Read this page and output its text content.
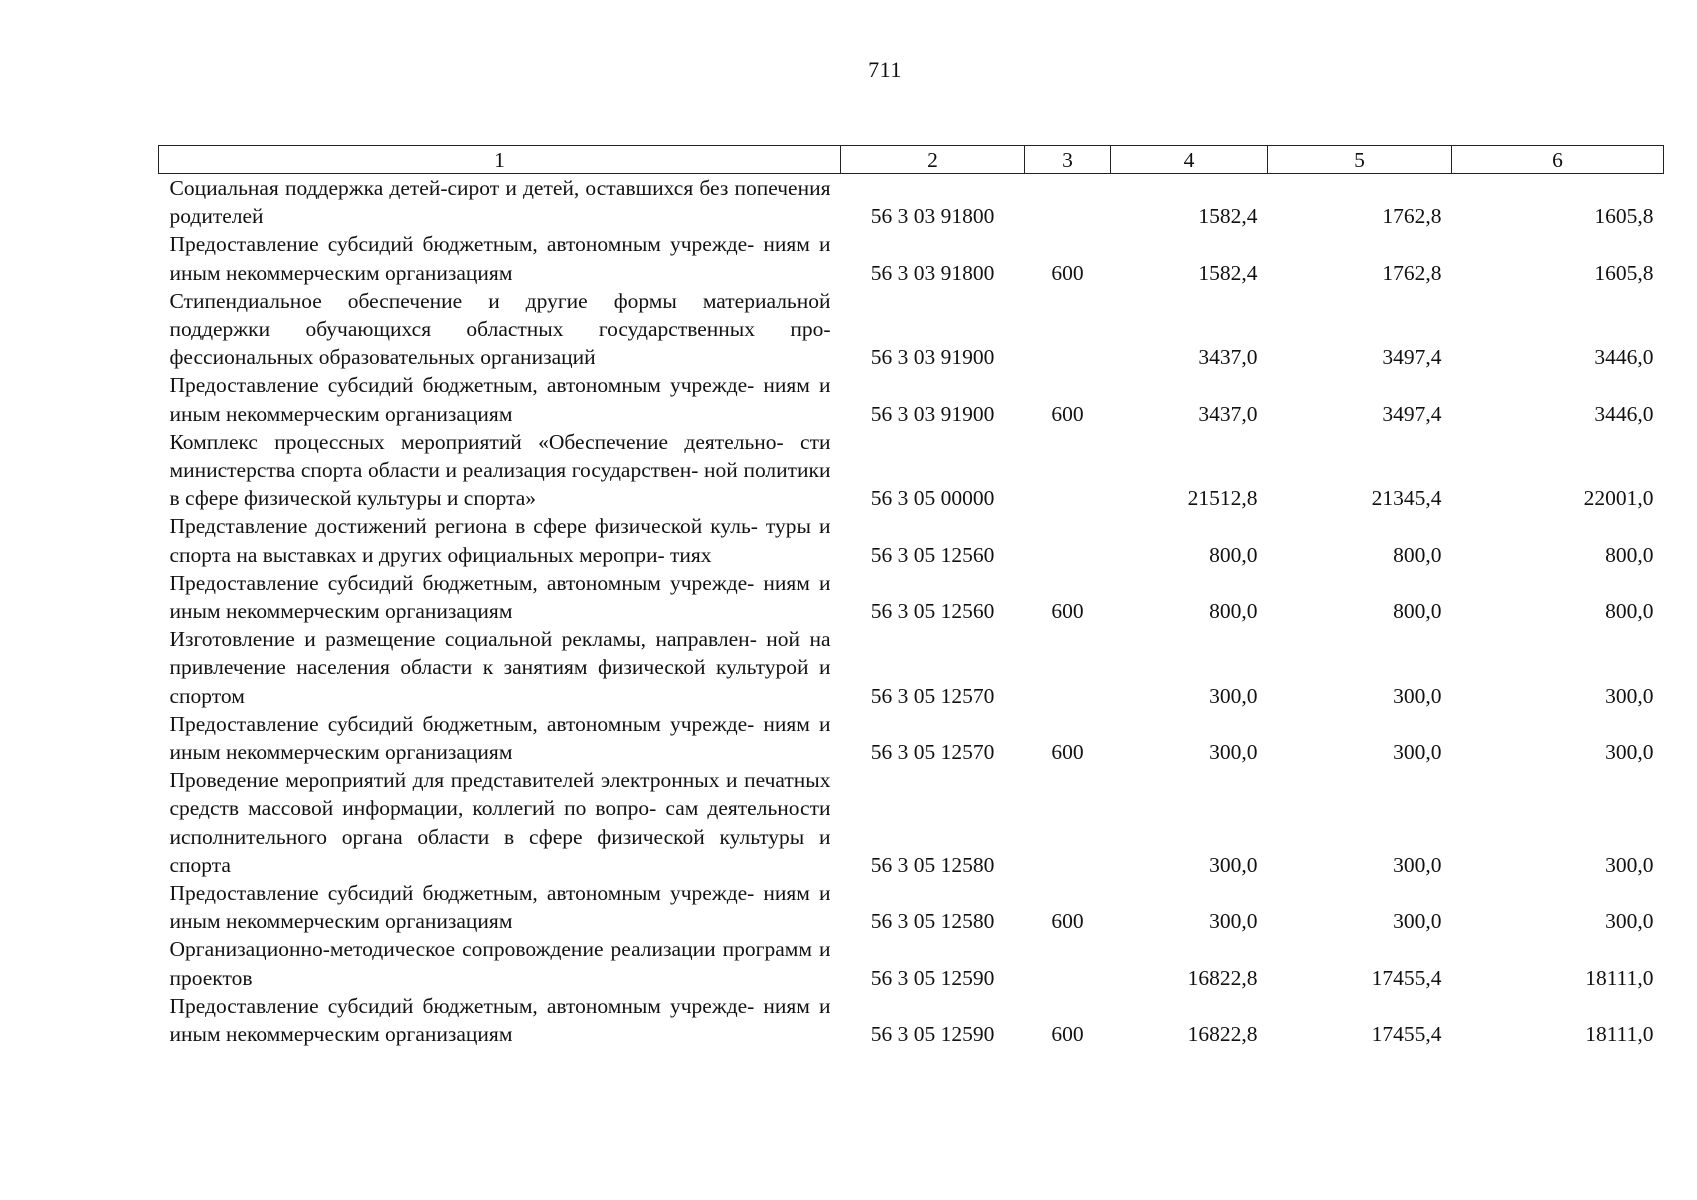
711
1	2	3	4	5	6
Социальная поддержка детей-сирот и детей, оставшихся без попечения родителей	56 3 03 91800		1582,4	1762,8	1605,8
Предоставление субсидий бюджетным, автономным учрежде- ниям и иным некоммерческим организациям	56 3 03 91800	600	1582,4	1762,8	1605,8
Стипендиальное обеспечение и другие формы материальной поддержки обучающихся областных государственных про- фессиональных образовательных организаций	56 3 03 91900		3437,0	3497,4	3446,0
Предоставление субсидий бюджетным, автономным учрежде- ниям и иным некоммерческим организациям	56 3 03 91900	600	3437,0	3497,4	3446,0
Комплекс процессных мероприятий «Обеспечение деятельно- сти министерства спорта области и реализация государствен- ной политики в сфере физической культуры и спорта»	56 3 05 00000		21512,8	21345,4	22001,0
Представление достижений региона в сфере физической куль- туры и спорта на выставках и других официальных меропри- тиях	56 3 05 12560		800,0	800,0	800,0
Предоставление субсидий бюджетным, автономным учрежде- ниям и иным некоммерческим организациям	56 3 05 12560	600	800,0	800,0	800,0
Изготовление и размещение социальной рекламы, направлен- ной на привлечение населения области к занятиям физической культурой и спортом	56 3 05 12570		300,0	300,0	300,0
Предоставление субсидий бюджетным, автономным учрежде- ниям и иным некоммерческим организациям	56 3 05 12570	600	300,0	300,0	300,0
Проведение мероприятий для представителей электронных и печатных средств массовой информации, коллегий по вопро- сам деятельности исполнительного органа области в сфере физической культуры и спорта	56 3 05 12580		300,0	300,0	300,0
Предоставление субсидий бюджетным, автономным учрежде- ниям и иным некоммерческим организациям	56 3 05 12580	600	300,0	300,0	300,0
Организационно-методическое сопровождение реализации программ и проектов	56 3 05 12590		16822,8	17455,4	18111,0
Предоставление субсидий бюджетным, автономным учрежде- ниям и иным некоммерческим организациям	56 3 05 12590	600	16822,8	17455,4	18111,0
